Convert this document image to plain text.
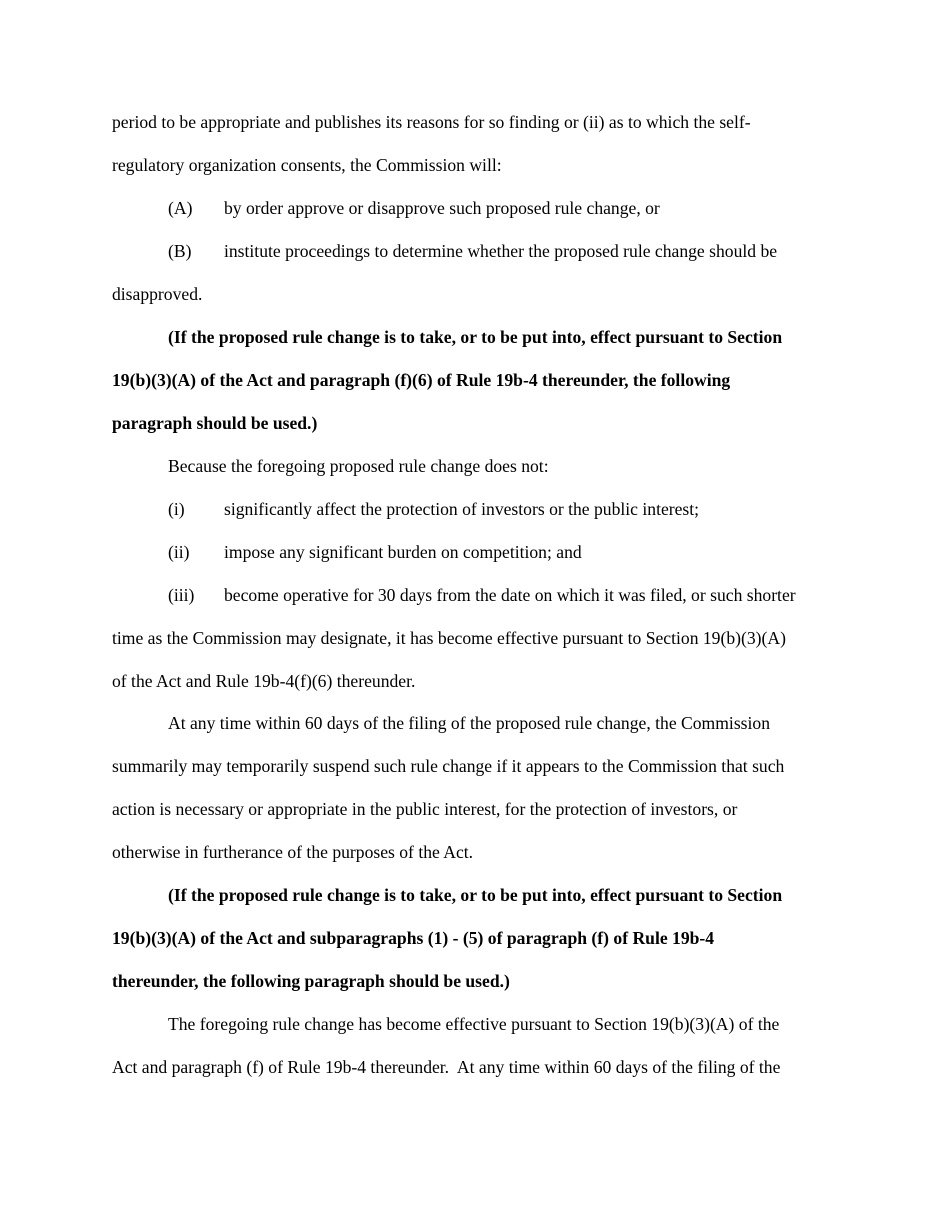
period to be appropriate and publishes its reasons for so finding or (ii) as to which the self-
regulatory organization consents, the Commission will:
(A) by order approve or disapprove such proposed rule change, or
(B) institute proceedings to determine whether the proposed rule change should be
disapproved.
(If the proposed rule change is to take, or to be put into, effect pursuant to Section
19(b)(3)(A) of the Act and paragraph (f)(6) of Rule 19b-4 thereunder, the following
paragraph should be used.)
Because the foregoing proposed rule change does not:
(i) significantly affect the protection of investors or the public interest;
(ii) impose any significant burden on competition; and
(iii) become operative for 30 days from the date on which it was filed, or such shorter
time as the Commission may designate, it has become effective pursuant to Section 19(b)(3)(A)
of the Act and Rule 19b-4(f)(6) thereunder.
At any time within 60 days of the filing of the proposed rule change, the Commission
summarily may temporarily suspend such rule change if it appears to the Commission that such
action is necessary or appropriate in the public interest, for the protection of investors, or
otherwise in furtherance of the purposes of the Act.
(If the proposed rule change is to take, or to be put into, effect pursuant to Section
19(b)(3)(A) of the Act and subparagraphs (1) - (5) of paragraph (f) of Rule 19b-4
thereunder, the following paragraph should be used.)
The foregoing rule change has become effective pursuant to Section 19(b)(3)(A) of the
Act and paragraph (f) of Rule 19b-4 thereunder.  At any time within 60 days of the filing of the
